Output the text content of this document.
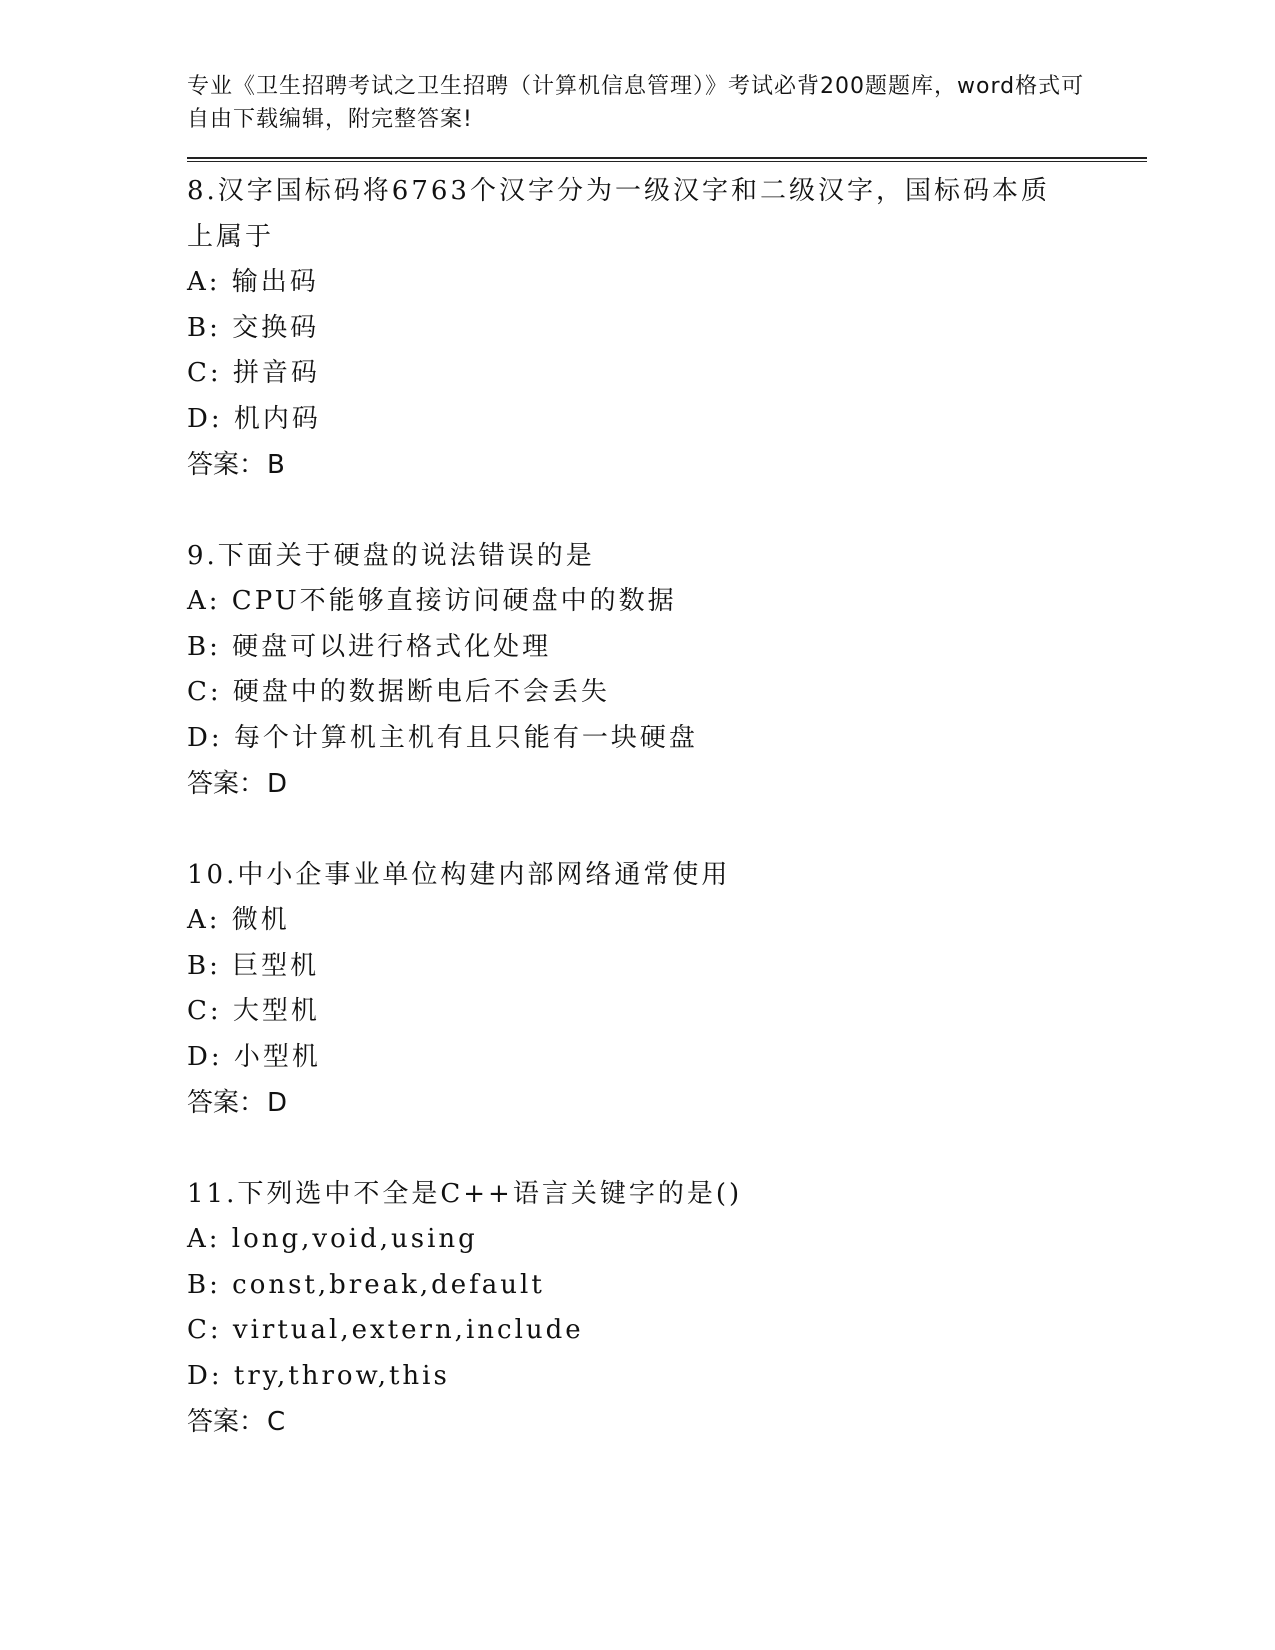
专业《卫生招聘考试之卫生招聘（计算机信息管理）》考试必背200题题库，word格式可自由下载编辑，附完整答案!

8.汉字国标码将6763个汉字分为一级汉字和二级汉字，国标码本质上属于

A: 输出码

B: 交换码

C: 拼音码

D: 机内码

答案：B

9.下面关于硬盘的说法错误的是

A: CPU不能够直接访问硬盘中的数据

B: 硬盘可以进行格式化处理

C: 硬盘中的数据断电后不会丢失

D: 每个计算机主机有且只能有一块硬盘

答案：D

10.中小企事业单位构建内部网络通常使用

A: 微机

B: 巨型机

C: 大型机

D: 小型机

答案：D

11.下列选中不全是C++语言关键字的是()

A: long,void,using

B: const,break,default

C: virtual,extern,include

D: try,throw,this

答案：C
